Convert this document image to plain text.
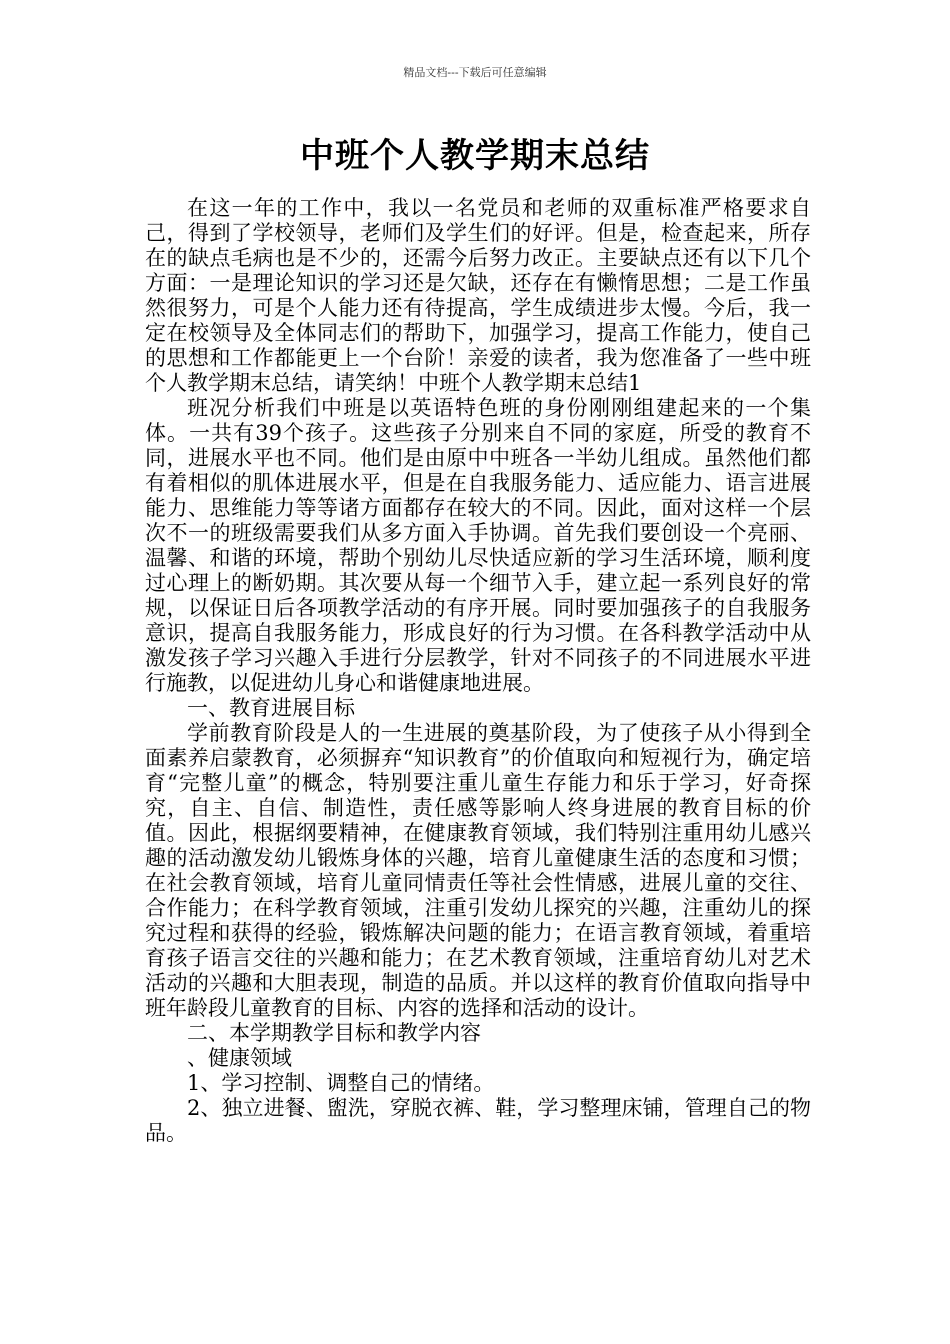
精品文档---下载后可任意编辑
中班个人教学期末总结

在这一年的工作中，我以一名党员和老师的双重标准严格要求自己，得到了学校领导，老师们及学生们的好评。但是，检查起来，所存在的缺点毛病也是不少的，还需今后努力改正。主要缺点还有以下几个方面：一是理论知识的学习还是欠缺，还存在有懒惰思想；二是工作虽然很努力，可是个人能力还有待提高，学生成绩进步太慢。今后，我一定在校领导及全体同志们的帮助下，加强学习，提高工作能力，使自己的思想和工作都能更上一个台阶！亲爱的读者，我为您准备了一些中班个人教学期末总结，请笑纳！中班个人教学期末总结1

班况分析我们中班是以英语特色班的身份刚刚组建起来的一个集体。一共有39个孩子。这些孩子分别来自不同的家庭，所受的教育不同，进展水平也不同。他们是由原中中班各一半幼儿组成。虽然他们都有着相似的肌体进展水平，但是在自我服务能力、适应能力、语言进展能力、思维能力等等诸方面都存在较大的不同。因此，面对这样一个层次不一的班级需要我们从多方面入手协调。首先我们要创设一个亮丽、温馨、和谐的环境，帮助个别幼儿尽快适应新的学习生活环境，顺利度过心理上的断奶期。其次要从每一个细节入手，建立起一系列良好的常规，以保证日后各项教学活动的有序开展。同时要加强孩子的自我服务意识，提高自我服务能力，形成良好的行为习惯。在各科教学活动中从激发孩子学习兴趣入手进行分层教学，针对不同孩子的不同进展水平进行施教，以促进幼儿身心和谐健康地进展。

一、教育进展目标

学前教育阶段是人的一生进展的奠基阶段，为了使孩子从小得到全面素养启蒙教育，必须摒弃“知识教育”的价值取向和短视行为，确定培育“完整儿童”的概念，特别要注重儿童生存能力和乐于学习，好奇探究，自主、自信、制造性，责任感等影响人终身进展的教育目标的价值。因此，根据纲要精神，在健康教育领域，我们特别注重用幼儿感兴趣的活动激发幼儿锻炼身体的兴趣，培育儿童健康生活的态度和习惯；在社会教育领域，培育儿童同情责任等社会性情感，进展儿童的交往、合作能力；在科学教育领域，注重引发幼儿探究的兴趣，注重幼儿的探究过程和获得的经验，锻炼解决问题的能力；在语言教育领域，着重培育孩子语言交往的兴趣和能力；在艺术教育领域，注重培育幼儿对艺术活动的兴趣和大胆表现，制造的品质。并以这样的教育价值取向指导中班年龄段儿童教育的目标、内容的选择和活动的设计。

二、本学期教学目标和教学内容

、健康领域

1、学习控制、调整自己的情绪。

2、独立进餐、盥洗，穿脱衣裤、鞋，学习整理床铺，管理自己的物品。
